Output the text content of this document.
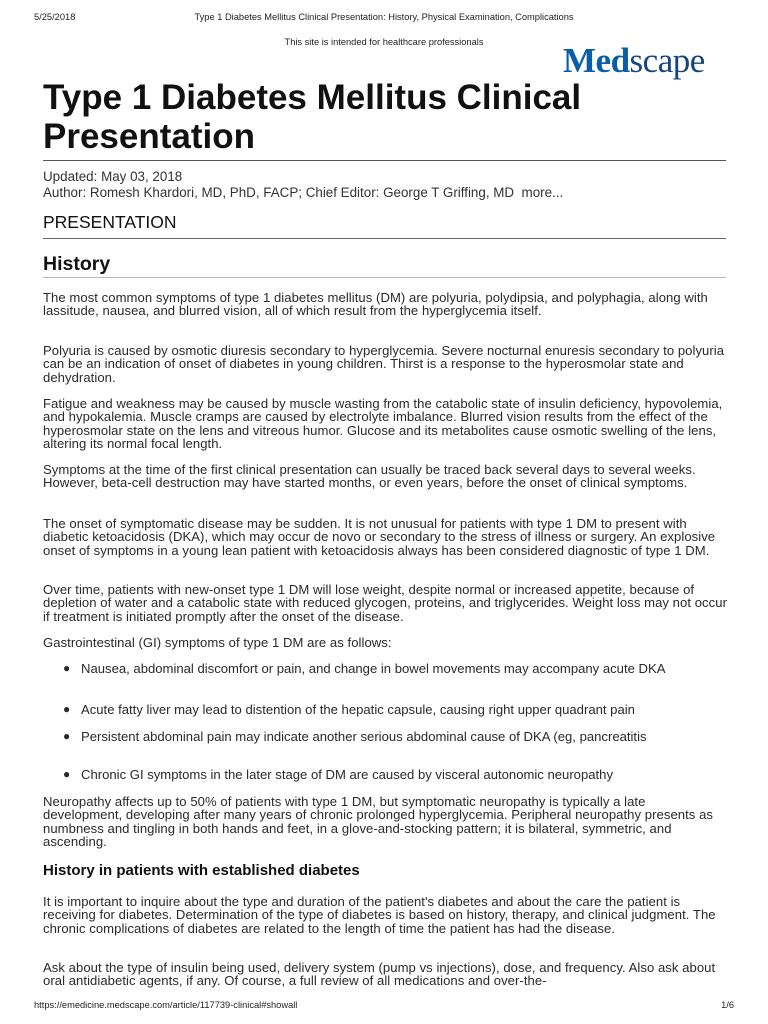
5/25/2018	Type 1 Diabetes Mellitus Clinical Presentation: History, Physical Examination, Complications
This site is intended for healthcare professionals	Medscape
Type 1 Diabetes Mellitus Clinical Presentation
Updated: May 03, 2018
Author: Romesh Khardori, MD, PhD, FACP; Chief Editor: George T Griffing, MD more...
PRESENTATION
History

The most common symptoms of type 1 diabetes mellitus (DM) are polyuria, polydipsia, and polyphagia, along with lassitude, nausea, and blurred vision, all of which result from the hyperglycemia itself.

Polyuria is caused by osmotic diuresis secondary to hyperglycemia. Severe nocturnal enuresis secondary to polyuria can be an indication of onset of diabetes in young children. Thirst is a response to the hyperosmolar state and dehydration.

Fatigue and weakness may be caused by muscle wasting from the catabolic state of insulin deficiency, hypovolemia, and hypokalemia. Muscle cramps are caused by electrolyte imbalance. Blurred vision results from the effect of the hyperosmolar state on the lens and vitreous humor. Glucose and its metabolites cause osmotic swelling of the lens, altering its normal focal length.

Symptoms at the time of the first clinical presentation can usually be traced back several days to several weeks. However, beta-cell destruction may have started months, or even years, before the onset of clinical symptoms.

The onset of symptomatic disease may be sudden. It is not unusual for patients with type 1 DM to present with diabetic ketoacidosis (DKA), which may occur de novo or secondary to the stress of illness or surgery. An explosive onset of symptoms in a young lean patient with ketoacidosis always has been considered diagnostic of type 1 DM.

Over time, patients with new-onset type 1 DM will lose weight, despite normal or increased appetite, because of depletion of water and a catabolic state with reduced glycogen, proteins, and triglycerides. Weight loss may not occur if treatment is initiated promptly after the onset of the disease.

Gastrointestinal (GI) symptoms of type 1 DM are as follows:

● Nausea, abdominal discomfort or pain, and change in bowel movements may accompany acute DKA
● Acute fatty liver may lead to distention of the hepatic capsule, causing right upper quadrant pain
● Persistent abdominal pain may indicate another serious abdominal cause of DKA (eg, pancreatitis
● Chronic GI symptoms in the later stage of DM are caused by visceral autonomic neuropathy

Neuropathy affects up to 50% of patients with type 1 DM, but symptomatic neuropathy is typically a late development, developing after many years of chronic prolonged hyperglycemia. Peripheral neuropathy presents as numbness and tingling in both hands and feet, in a glove-and-stocking pattern; it is bilateral, symmetric, and ascending.

History in patients with established diabetes

It is important to inquire about the type and duration of the patient's diabetes and about the care the patient is receiving for diabetes. Determination of the type of diabetes is based on history, therapy, and clinical judgment. The chronic complications of diabetes are related to the length of time the patient has had the disease.

Ask about the type of insulin being used, delivery system (pump vs injections), dose, and frequency. Also ask about oral antidiabetic agents, if any. Of course, a full review of all medications and over-the-

https://emedicine.medscape.com/article/117739-clinical#showall	1/6
